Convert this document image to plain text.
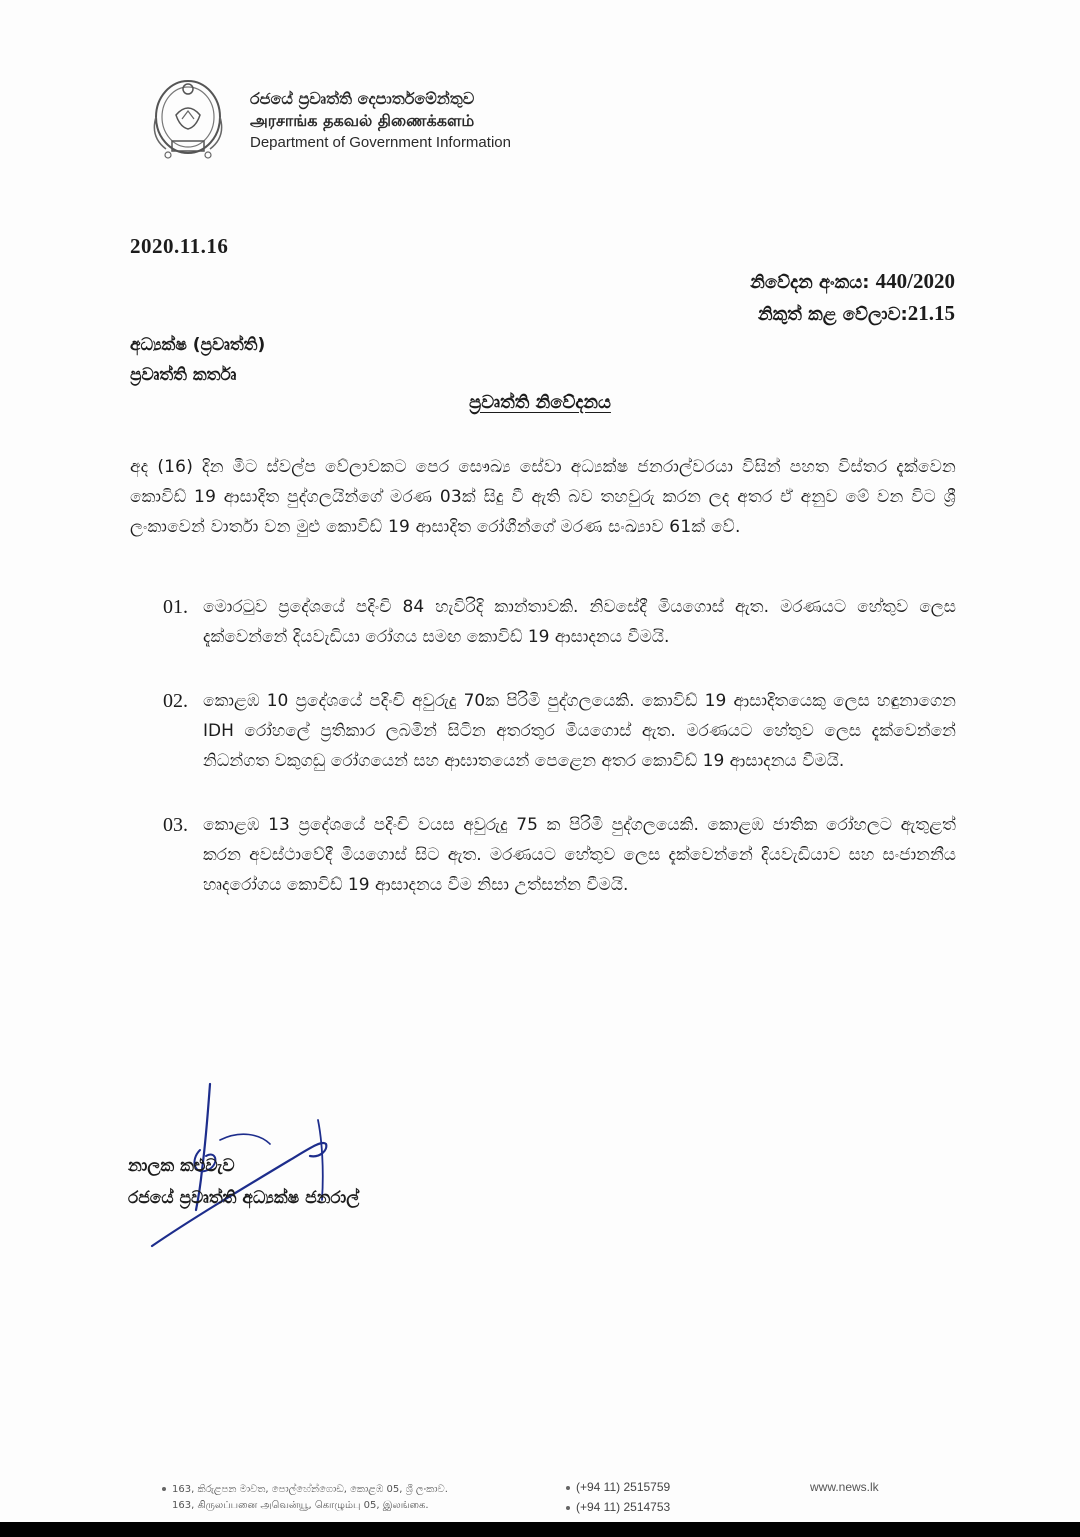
රජයේ ප්‍රවෘත්ති දෙපාර්තමේන්තුව
அரசாங்க தகவல் திணைக்களம்
Department of Government Information
2020.11.16
නිවේදන අංකය: 440/2020
නිකුත් කළ වේලාව:21.15
අධ්‍යක්ෂ (ප්‍රවෘත්ති)
ප්‍රවෘත්ති කර්තෘ
ප්‍රවෘත්ති නිවේදනය
අද (16) දින මීට ස්වල්ප වේලාවකට පෙර සෞඛ්‍ය සේවා අධ්‍යක්ෂ ජනරාල්වරයා විසින් පහත විස්තර දැක්වෙන කොවිඩ් 19 ආසාදිත පුද්ගලයින්ගේ මරණ 03ක් සිදු වී ඇති බව තහවුරු කරන ලද අතර ඒ අනුව මේ වන විට ශ්‍රී ලංකාවෙන් වාර්තා වන මුළු කොවිඩ් 19 ආසාදිත රෝගීන්ගේ මරණ සංඛ්‍යාව 61ක් වේ.
01. මොරටුව ප්‍රදේශයේ පදිංචි 84 හැවිරිදි කාන්තාවකි. නිවසේදී මියගොස් ඇත. මරණයට හේතුව ලෙස දැක්වෙන්නේ දියවැඩියා රෝගය සමඟ කොවිඩ් 19 ආසාදනය වීමයි.
02. කොළඹ 10 ප්‍රදේශයේ පදිංචි අවුරුදු 70ක පිරිමි පුද්ගලයෙකි. කොවිඩ් 19 ආසාදිතයෙකු ලෙස හඳුනාගෙන IDH රෝහලේ ප්‍රතිකාර ලබමින් සිටින අතරතුර මියගොස් ඇත. මරණයට හේතුව ලෙස දැක්වෙන්නේ නිධන්ගත වකුගඩු රෝගයෙන් සහ ආඝාතයෙන් පෙළෙන අතර කොවිඩ් 19 ආසාදනය වීමයි.
03. කොළඹ 13 ප්‍රදේශයේ පදිංචි වයස අවුරුදු 75 ක පිරිමි පුද්ගලයෙකි. කොළඹ ජාතික රෝහලට ඇතුළත් කරන අවස්ථාවේදී මියගොස් සිට ඇත. මරණයට හේතුව ලෙස දැක්වෙන්නේ දියවැඩියාව සහ සංජානනීය හෘදරෝගය කොවිඩ් 19 ආසාදනය වීම නිසා උත්සන්න වීමයි.
නාලක කළුවැව
රජයේ ප්‍රවෘත්ති අධ්‍යක්ෂ ජනරාල්
163, කිරුළපන මාවත, පොල්හේන්ගොඩ, කොළඹ 05, ශ්‍රී ලංකාව.
163, கிருலப்பனை அவென்யூ, கொழும்பு 05, இலங்கை.
(+94 11) 2515759
(+94 11) 2514753
www.news.lk
